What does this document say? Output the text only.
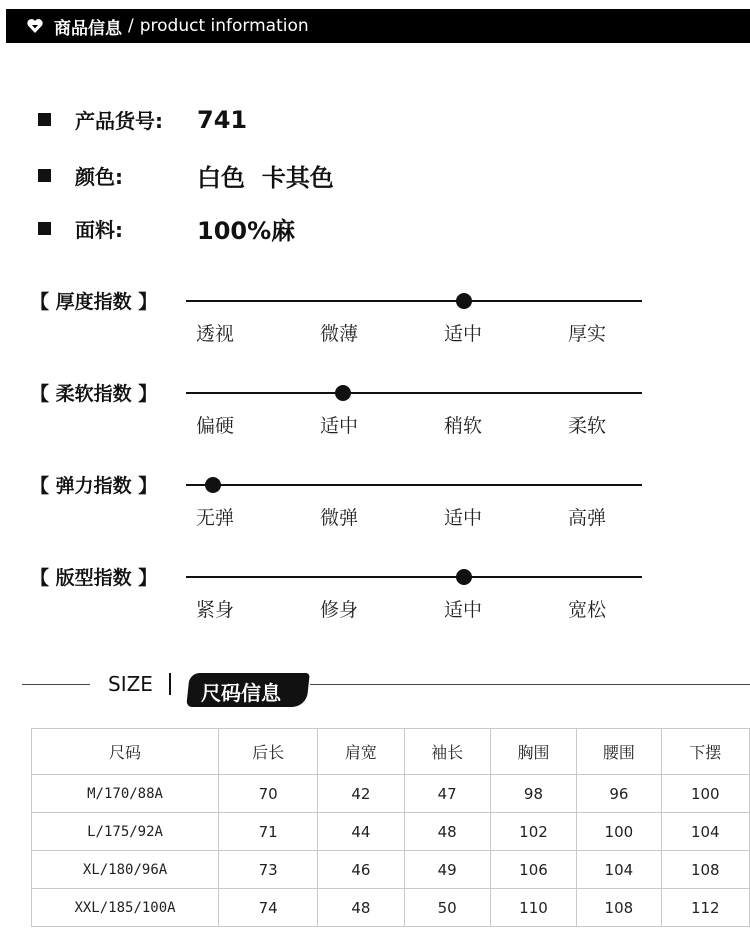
商品信息 / product information
产品货号:	741
颜色:	白色  卡其色
面料:	100%麻
【 厚度指数 】
透视	微薄	适中	厚实
【 柔软指数 】
偏硬	适中	稍软	柔软
【 弹力指数 】
无弹	微弹	适中	高弹
【 版型指数 】
紧身	修身	适中	宽松
SIZE 尺码信息
尺码	后长	肩宽	袖长	胸围	腰围	下摆
M/170/88A	70	42	47	98	96	100
L/175/92A	71	44	48	102	100	104
XL/180/96A	73	46	49	106	104	108
XXL/185/100A	74	48	50	110	108	112
